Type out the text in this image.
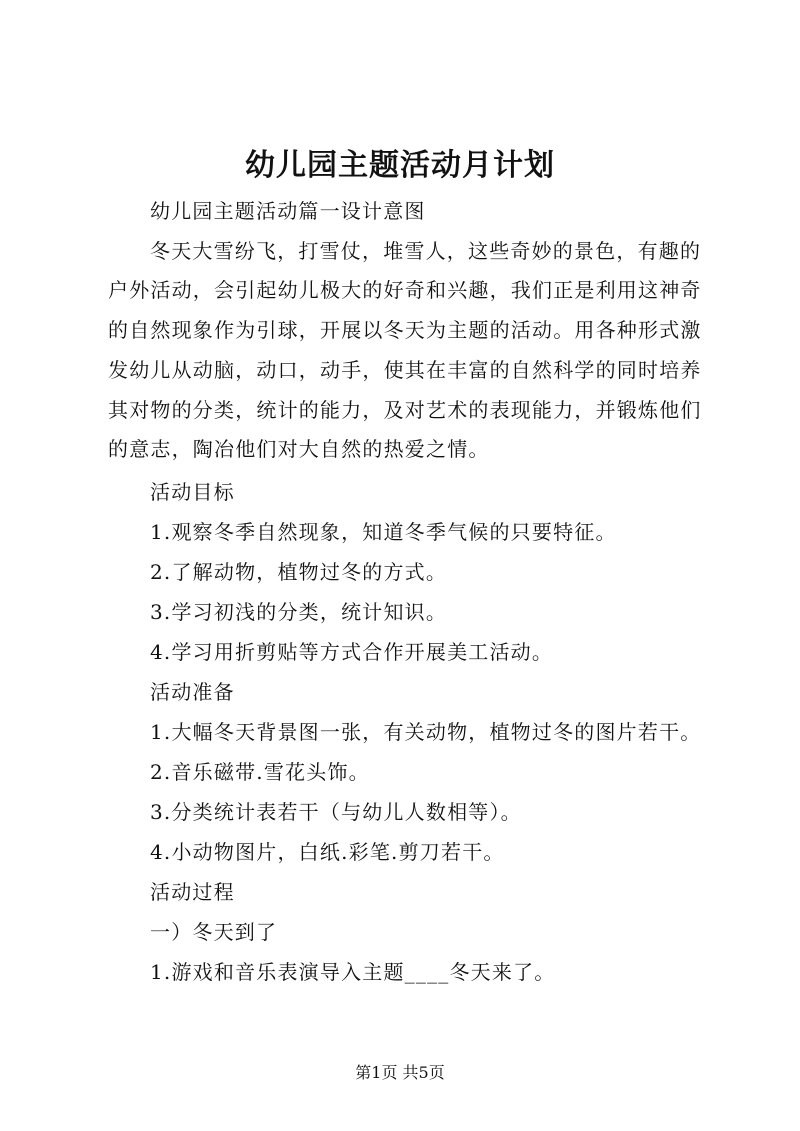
幼儿园主题活动月计划
幼儿园主题活动篇一设计意图
冬天大雪纷飞，打雪仗，堆雪人，这些奇妙的景色，有趣的
户外活动，会引起幼儿极大的好奇和兴趣，我们正是利用这神奇
的自然现象作为引球，开展以冬天为主题的活动。用各种形式激
发幼儿从动脑，动口，动手，使其在丰富的自然科学的同时培养
其对物的分类，统计的能力，及对艺术的表现能力，并锻炼他们
的意志，陶冶他们对大自然的热爱之情。
活动目标
1.观察冬季自然现象，知道冬季气候的只要特征。
2.了解动物，植物过冬的方式。
3.学习初浅的分类，统计知识。
4.学习用折剪贴等方式合作开展美工活动。
活动准备
1.大幅冬天背景图一张，有关动物，植物过冬的图片若干。
2.音乐磁带.雪花头饰。
3.分类统计表若干（与幼儿人数相等）。
4.小动物图片，白纸.彩笔.剪刀若干。
活动过程
一）冬天到了
1.游戏和音乐表演导入主题____冬天来了。
第1页 共5页
